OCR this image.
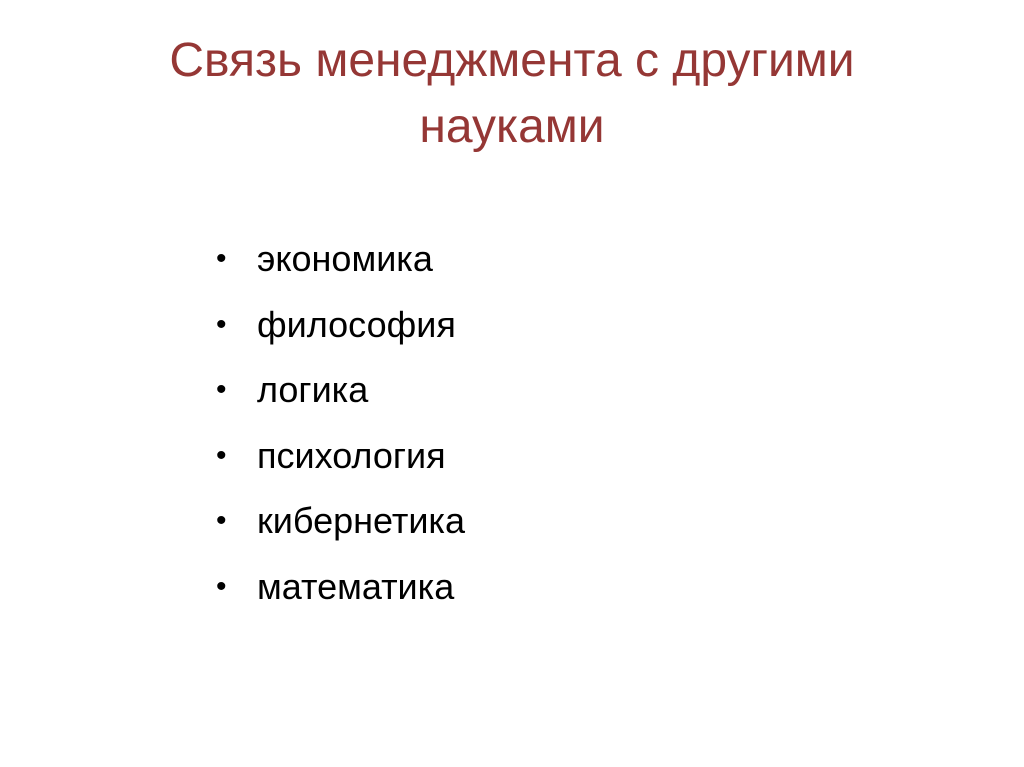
Связь менеджмента с другими
науками
• экономика
• философия
• логика
• психология
• кибернетика
• математика
